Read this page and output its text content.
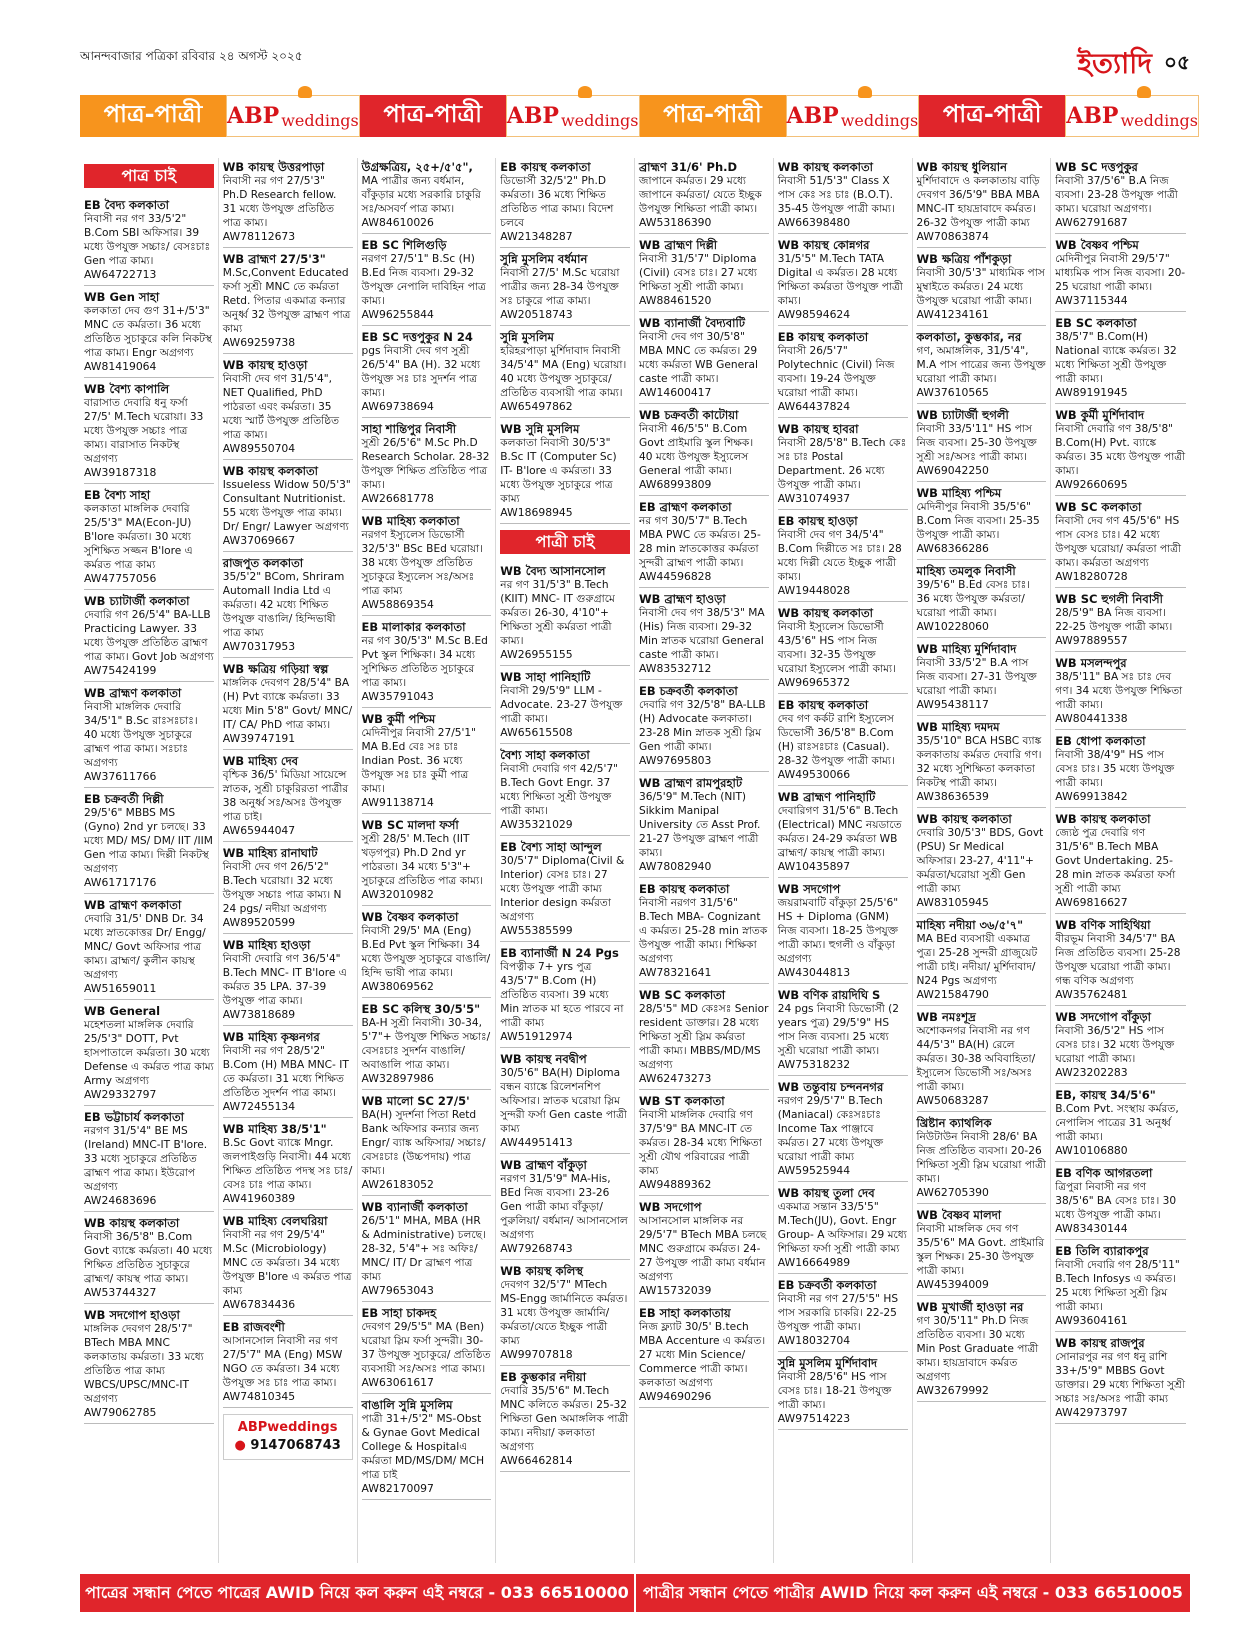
আনন্দবাজার পত্রিকা রবিবার ২৪ অগস্ট ২০২৫	ইত্যাদি ০৫
পাত্র-পাত্রী	ABP weddings	পাত্র-পাত্রী	ABP weddings	পাত্র-পাত্রী	ABP weddings	পাত্র-পাত্রী	ABP weddings
পাত্র চাই
EB বৈদ্য কলকাতা
নিবাসী নর গণ 33/5'2" B.Com SBI অফিসার। 39 মধ্যে উপযুক্ত সচ্চাঃ/ বেসঃচাঃ Gen পাত্র কাম্য।
AW64722713
WB Gen সাহা
কলকাতা দেব গুণ 31+/5'3" MNC তে কর্মরতা। 36 মধ্যে প্রতিষ্ঠিত সুচাকুরে কলি নিকটস্থ পাত্র কাম্য। Engr অগ্রগণ্য
AW81419064
WB বৈশ্য কাপালি
বারাসাত দেবারি ধনু ফর্সা 27/5' M.Tech ঘরোয়া। 33 মধ্যে উপযুক্ত সচ্চাঃ পাত্র কাম্য। বারাসাত নিকটস্থ অগ্রগণ্য
AW39187318
EB বৈশ্য সাহা
কলকাতা মাঙ্গলিক দেবারি 25/5'3" MA(Econ-JU) B'lore কর্মরতা। 30 মধ্যে সুশিক্ষিত সজ্জন B'lore এ কর্মরত পাত্র কাম্য
AW47757056
WB চ্যাটার্জী কলকাতা
দেবারি গণ 26/5'4" BA-LLB Practicing Lawyer. 33 মধ্যে উপযুক্ত প্রতিষ্ঠিত ব্রাহ্মণ পাত্র কাম্য। Govt Job অগ্রগণ্য
AW75424199
WB ব্রাহ্মণ কলকাতা
নিবাসী মাঙ্গলিক দেবারি 34/5'1" B.Sc রাঃসঃচাঃ। 40 মধ্যে উপযুক্ত সুচাকুরে ব্রাহ্মণ পাত্র কাম্য। সঃচাঃ অগ্রগণ্য
AW37611766
EB চক্রবর্তী দিল্লী
29/5'6" MBBS MS (Gyno) 2nd yr চলছে। 33 মধ্যে MD/ MS/ DM/ IIT /IIM Gen পাত্র কাম্য। দিল্লী নিকটস্থ অগ্রগণ্য
AW61717176
WB ব্রাহ্মণ কলকাতা
দেবারি 31/5' DNB Dr. 34 মধ্যে স্নাতকোত্তর Dr/ Engg/ MNC/ Govt অফিসার পাত্র কাম্য। ব্রাহ্মণ/ কুলীন কায়স্থ অগ্রগণ্য
AW51659011
WB General
মহেশতলা মাঙ্গলিক দেবারি 25/5'3" DOTT, Pvt হাসপাতালে কর্মরতা। 30 মধ্যে Defense এ কর্মরত পাত্র কাম্য Army অগ্রগণ্য
AW29332797
EB ভট্টাচার্য কলকাতা
নরগণ 31/5'4" BE MS (Ireland) MNC-IT B'lore. 33 মধ্যে সুচাকুরে প্রতিষ্ঠিত ব্রাহ্মণ পাত্র কাম্য। ইউরোপ অগ্রগণ্য
AW24683696
WB কায়স্থ কলকাতা
নিবাসী 36/5'8" B.Com Govt ব্যাঙ্কে কর্মরতা। 40 মধ্যে শিক্ষিত প্রতিষ্ঠিত সুচাকুরে ব্রাহ্মণ/ কায়স্থ পাত্র কাম্য।
AW53744327
WB সদগোপ হাওড়া
মাঙ্গলিক দেবগণ 28/5'7" BTech MBA MNC কলকাতায় কর্মরতা। 33 মধ্যে প্রতিষ্ঠিত পাত্র কাম্য WBCS/UPSC/MNC-IT অগ্রগণ্য
AW79062785
WB কায়স্থ উত্তরপাড়া
নিবাসী নর গণ 27/5'3" Ph.D Research fellow. 31 মধ্যে উপযুক্ত প্রতিষ্ঠিত পাত্র কাম্য।
AW78112673
WB ব্রাহ্মণ 27/5'3"
M.Sc,Convent Educated ফর্সা সুশ্রী MNC তে কর্মরতা Retd. পিতার একমাত্র কন্যার অনুর্ধ্ব 32 উপযুক্ত ব্রাহ্মণ পাত্র কাম্য
AW69259738
WB কায়স্থ হাওড়া
নিবাসী দেব গণ 31/5'4", NET Qualified, PhD পাঠরতা এবং কর্মরতা। 35 মধ্যে স্মার্ট উপযুক্ত প্রতিষ্ঠিত পাত্র কাম্য।
AW89550704
WB কায়স্থ কলকাতা
Issueless Widow 50/5'3" Consultant Nutritionist. 55 মধ্যে উপযুক্ত পাত্র কাম্য। Dr/ Engr/ Lawyer অগ্রগণ্য
AW37069667
রাজপুত কলকাতা
35/5'2" BCom, Shriram Automall India Ltd এ কর্মরতা। 42 মধ্যে শিক্ষিত উপযুক্ত বাঙালি/ হিন্দিভাষী পাত্র কাম্য
AW70317953
WB ক্ষত্রিয় গড়িয়া স্বল্প
মাঙ্গলিক দেবগণ 28/5'4" BA (H) Pvt ব্যাঙ্কে কর্মরতা। 33 মধ্যে Min 5'8" Govt/ MNC/ IT/ CA/ PhD পাত্র কাম্য।
AW39747191
WB মাহিষ্য দেব
বৃশ্চিক 36/5' মিডিয়া সায়েন্সে স্নাতক, সুশ্রী চাকুরিরতা পাত্রীর 38 অনুর্ধ্ব সঃ/অসঃ উপযুক্ত পাত্র চাই।
AW65944047
WB মাহিষ্য রানাঘাট
নিবাসী দেব গণ 26/5'2" B.Tech ঘরোয়া। 32 মধ্যে উপযুক্ত সচ্চাঃ পাত্র কাম্য। N 24 pgs/ নদীয়া অগ্রগণ্য
AW89520599
WB মাহিষ্য হাওড়া
নিবাসী দেবারি গণ 36/5'4" B.Tech MNC- IT B'lore এ কর্মরত 35 LPA. 37-39 উপযুক্ত পাত্র কাম্য।
AW73818689
WB মাহিষ্য কৃষ্ণনগর
নিবাসী নর গণ 28/5'2" B.Com (H) MBA MNC- IT তে কর্মরতা। 31 মধ্যে শিক্ষিত প্রতিষ্ঠিত সুদর্শন পাত্র কাম্য।
AW72455134
WB মাহিষ্য 38/5'1"
B.Sc Govt ব্যাঙ্কে Mngr. জলপাইগুড়ি নিবাসী। 44 মধ্যে শিক্ষিত প্রতিষ্ঠিত পদস্থ সঃ চাঃ/বেসঃ চাঃ পাত্র কাম্য।
AW41960389
WB মাহিষ্য বেলঘরিয়া
নিবাসী নর গণ 29/5'4" M.Sc (Microbiology) MNC তে কর্মরতা। 34 মধ্যে উপযুক্ত B'lore এ কর্মরত পাত্র কাম্য
AW67834436
EB রাজবংশী
আসানসোল নিবাসী নর গণ 27/5'7" MA (Eng) MSW NGO তে কর্মরতা। 34 মধ্যে উপযুক্ত সঃ চাঃ পাত্র কাম্য।
AW74810345
ABPweddings
● 9147068743
উগ্রক্ষত্রিয়, ২৫+/৫'৫",
MA পাত্রীর জন্য বর্ধমান, বাঁকুড়ার মধ্যে সরকারি চাকুরি সঃ/অসবর্ণ পাত্র কাম্য।
AW84610026
EB SC শিলিগুড়ি
নরগণ 27/5'1" B.Sc (H) B.Ed নিজ ব্যবসা। 29-32 উপযুক্ত নেপালি দাবিহিন পাত্র কাম্য।
AW96255844
EB SC দত্তপুকুর N 24
pgs নিবাসী দেব গণ সুশ্রী 26/5'4" BA (H). 32 মধ্যে উপযুক্ত সঃ চাঃ সুদর্শন পাত্র কাম্য।
AW69738694
সাহা শান্তিপুর নিবাসী
সুশ্রী 26/5'6" M.Sc Ph.D Research Scholar. 28-32 উপযুক্ত শিক্ষিত প্রতিষ্ঠিত পাত্র কাম্য।
AW26681778
WB মাহিষ্য কলকাতা
নরগণ ইস্যুলেস ডিভোর্সী 32/5'3" BSc BEd ঘরোয়া। 38 মধ্যে উপযুক্ত প্রতিষ্ঠিত সুচাকুরে ইস্যুলেস সঃ/অসঃ পাত্র কাম্য
AW58869354
EB মালাকার কলকাতা
নর গণ 30/5'3" M.Sc B.Ed Pvt স্কুল শিক্ষিকা। 34 মধ্যে সুশিক্ষিত প্রতিষ্ঠিত সুচাকুরে পাত্র কাম্য।
AW35791043
WB কুর্মী পশ্চিম
মেদিনীপুর নিবাসী 27/5'1" MA B.Ed বেঃ সঃ চাঃ Indian Post. 36 মধ্যে উপযুক্ত সঃ চাঃ কুর্মী পাত্র কাম্য।
AW91138714
WB SC মালদা ফর্সা
সুশ্রী 28/5' M.Tech (IIT খড়গপুর) Ph.D 2nd yr পাঠরতা। 34 মধ্যে 5'3"+ সুচাকুরে প্রতিষ্ঠিত পাত্র কাম্য।
AW32010982
WB বৈষ্ণব কলকাতা
নিবাসী 29/5' MA (Eng) B.Ed Pvt স্কুল শিক্ষিকা। 34 মধ্যে উপযুক্ত সুচাকুরে বাঙালি/ হিন্দি ভাষী পাত্র কাম্য।
AW38069562
EB SC কলিস্থ 30/5'5"
BA-H সুশ্রী নিবাসী। 30-34, 5'7"+ উপযুক্ত শিক্ষিত সচ্চাঃ/বেসঃচাঃ সুদর্শন বাঙালি/অবাঙালি পাত্র কাম্য।
AW32897986
WB মালো SC 27/5'
BA(H) সুদর্শনা পিতা Retd Bank অফিসার কন্যার জন্য Engr/ ব্যাঙ্ক অফিসার/ সচ্চাঃ/ বেসঃচাঃ (উচ্চপদায়) পাত্র কাম্য।
AW26183052
WB ব্যানার্জী কলকাতা
26/5'1" MHA, MBA (HR & Administrative) চলছে। 28-32, 5'4"+ সঃ অফিঃ/ MNC/ IT/ Dr ব্রাহ্মণ পাত্র কাম্য
AW79653043
EB সাহা চাকদহ
দেবগণ 29/5'5" MA (Ben) ঘরোয়া স্লিম ফর্সা সুন্দরী। 30-37 উপযুক্ত সুচাকুরে/ প্রতিষ্ঠিত ব্যবসায়ী সঃ/অসঃ পাত্র কাম্য।
AW63061617
বাঙালি সুন্নি মুসলিম
পাত্রী 31+/5'2" MS-Obst & Gynae Govt Medical College & Hospitalএ কর্মরতা MD/MS/DM/ MCH পাত্র চাই
AW82170097
EB কায়স্থ কলকাতা
ডিভোর্সী 32/5'2" Ph.D কর্মরতা। 36 মধ্যে শিক্ষিত প্রতিষ্ঠিত পাত্র কাম্য। বিদেশ চলবে
AW21348287
সুন্নি মুসলিম বর্ধমান
নিবাসী 27/5' M.Sc ঘরোয়া পাত্রীর জন্য 28-34 উপযুক্ত সঃ চাকুরে পাত্র কাম্য।
AW20518743
সুন্নি মুসলিম
হরিহরপাড়া মুর্শিদাবাদ নিবাসী 34/5'4" MA (Eng) ঘরোয়া। 40 মধ্যে উপযুক্ত সুচাকুরে/ প্রতিষ্ঠিত ব্যবসায়ী পাত্র কাম্য।
AW65497862
WB সুন্নি মুসলিম
কলকাতা নিবাসী 30/5'3" B.Sc IT (Computer Sc) IT- B'lore এ কর্মরতা। 33 মধ্যে উপযুক্ত সুচাকুরে পাত্র কাম্য
AW18698945
পাত্রী চাই
WB বৈদ্য আসানসোল
নর গণ 31/5'3" B.Tech (KIIT) MNC- IT গুরুগ্রামে কর্মরত। 26-30, 4'10"+ শিক্ষিতা সুশ্রী কর্মরতা পাত্রী কাম্য।
AW26955155
WB সাহা পানিহাটি
নিবাসী 29/5'9" LLM - Advocate. 23-27 উপযুক্ত পাত্রী কাম্য।
AW65615508
বৈশ্য সাহা কলকাতা
নিবাসী দেবারি গণ 42/5'7" B.Tech Govt Engr. 37 মধ্যে শিক্ষিতা সুশ্রী উপযুক্ত পাত্রী কাম্য।
AW35321029
EB বৈশ্য সাহা আন্দুল
30/5'7" Diploma(Civil & Interior) বেসঃ চাঃ। 27 মধ্যে উপযুক্ত পাত্রী কাম্য Interior design কর্মরতা অগ্রগণ্য
AW55385599
EB ব্যানার্জী N 24 Pgs
বিপত্নীক 7+ yrs পুত্র 43/5'7" B.Com (H) প্রতিষ্ঠিত ব্যবসা। 39 মধ্যে Min স্নাতক মা হতে পারবে না পাত্রী কাম্য
AW51912974
WB কায়স্থ নবদ্বীপ
30/5'6" BA(H) Diploma বন্ধন ব্যাঙ্কে রিলেশনশিপ অফিসার। স্নাতক ঘরোয়া স্লিম সুন্দরী ফর্সা Gen caste পাত্রী কাম্য
AW44951413
WB ব্রাহ্মণ বাঁকুড়া
নরগণ 31/5'9" MA-His, BEd নিজ ব্যবসা। 23-26 Gen পাত্রী কাম্য বাঁকুড়া/ পুরুলিয়া/ বর্ধমান/ আসানসোল অগ্রগণ্য
AW79268743
WB কায়স্থ কলিস্থ
দেবগণ 32/5'7" MTech MS-Engg জার্মানিতে কর্মরত। 31 মধ্যে উপযুক্ত জার্মানি/কর্মরতা/যেতে ইচ্ছুক পাত্রী কাম্য
AW99707818
EB কুম্ভকার নদীয়া
দেবারি 35/5'6" M.Tech MNC কলিতে কর্মরত। 25-32 শিক্ষিতা Gen অমাঙ্গলিক পাত্রী কাম্য। নদীয়া/ কলকাতা অগ্রগণ্য
AW66462814
ব্রাহ্মণ 31/6' Ph.D
জাপানে কর্মরত। 29 মধ্যে জাপানে কর্মরতা/ যেতে ইচ্ছুক উপযুক্ত শিক্ষিতা পাত্রী কাম্য।
AW53186390
WB ব্রাহ্মণ দিল্লী
নিবাসী 31/5'7" Diploma (Civil) বেসঃ চাঃ। 27 মধ্যে শিক্ষিতা সুশ্রী পাত্রী কাম্য।
AW88461520
WB ব্যানার্জী বৈদ্যবাটি
নিবাসী দেব গণ 30/5'8" MBA MNC তে কর্মরত। 29 মধ্যে কর্মরতা WB General caste পাত্রী কাম্য।
AW14600417
WB চক্রবর্তী কাটোয়া
নিবাসী 46/5'5" B.Com Govt প্রাইমারি স্কুল শিক্ষক। 40 মধ্যে উপযুক্ত ইস্যুলেস General পাত্রী কাম্য।
AW68993809
EB ব্রাহ্মণ কলকাতা
নর গণ 30/5'7" B.Tech MBA PWC তে কর্মরত। 25-28 min স্নাতকোত্তর কর্মরতা সুন্দরী ব্রাহ্মণ পাত্রী কাম্য।
AW44596828
WB ব্রাহ্মণ হাওড়া
নিবাসী দেব গণ 38/5'3" MA (His) নিজ ব্যবসা। 29-32 Min স্নাতক ঘরোয়া General caste পাত্রী কাম্য।
AW83532712
EB চক্রবর্তী কলকাতা
দেবারি গণ 32/5'8" BA-LLB (H) Advocate কলকাতা। 23-28 Min স্নাতক সুশ্রী স্লিম Gen পাত্রী কাম্য।
AW97695803
WB ব্রাহ্মণ রামপুরহাট
36/5'9" M.Tech (NIT) Sikkim Manipal University তে Asst Prof. 21-27 উপযুক্ত ব্রাহ্মণ পাত্রী কাম্য।
AW78082940
EB কায়স্থ কলকাতা
নিবাসী নরগণ 31/5'6" B.Tech MBA- Cognizant এ কর্মরত। 25-28 min স্নাতক উপযুক্ত পাত্রী কাম্য। শিক্ষিকা অগ্রগণ্য
AW78321641
WB SC কলকাতা
28/5'5" MD কেঃসঃ Senior resident ডাক্তার। 28 মধ্যে শিক্ষিতা সুশ্রী স্লিম কর্মরতা পাত্রী কাম্য। MBBS/MD/MS অগ্রগণ্য
AW62473273
WB ST কলকাতা
নিবাসী মাঙ্গলিক দেবারি গণ 37/5'9" BA MNC-IT তে কর্মরত। 28-34 মধ্যে শিক্ষিতা সুশ্রী যৌথ পরিবারের পাত্রী কাম্য
AW94889362
WB সদগোপ
আসানসোল মাঙ্গলিক নর 29/5'7" BTech MBA চলছে MNC গুরুগ্রামে কর্মরত। 24-27 উপযুক্ত পাত্রী কাম্য বর্ধমান অগ্রগণ্য
AW15732039
EB সাহা কলকাতায়
নিজ ফ্ল্যাট 30/5' B.tech MBA Accenture এ কর্মরত। 27 মধ্যে Min Science/ Commerce পাত্রী কাম্য। কলকাতা অগ্রগণ্য
AW94690296
WB কায়স্থ কলকাতা
নিবাসী 51/5'3" Class X পাস কেঃ সঃ চাঃ (B.O.T). 35-45 উপযুক্ত পাত্রী কাম্য।
AW66398480
WB কায়স্থ কোন্নগর
31/5'5" M.Tech TATA Digital এ কর্মরত। 28 মধ্যে শিক্ষিতা কর্মরতা উপযুক্ত পাত্রী কাম্য।
AW98594624
EB কায়স্থ কলকাতা
নিবাসী 26/5'7" Polytechnic (Civil) নিজ ব্যবসা। 19-24 উপযুক্ত ঘরোয়া পাত্রী কাম্য।
AW64437824
WB কায়স্থ হাবরা
নিবাসী 28/5'8" B.Tech কেঃ সঃ চাঃ Postal Department. 26 মধ্যে উপযুক্ত পাত্রী কাম্য।
AW31074937
EB কায়স্থ হাওড়া
নিবাসী দেব গণ 34/5'4" B.Com দিল্লীতে সঃ চাঃ। 28 মধ্যে দিল্লী যেতে ইচ্ছুক পাত্রী কাম্য।
AW19448028
WB কায়স্থ কলকাতা
নিবাসী ইস্যুলেস ডিভোর্সী 43/5'6" HS পাস নিজ ব্যবসা। 32-35 উপযুক্ত ঘরোয়া ইস্যুলেস পাত্রী কাম্য।
AW96965372
EB কায়স্থ কলকাতা
দেব গণ কর্কট রাশি ইস্যুলেস ডিভোর্সী 36/5'8" B.Com (H) রাঃসঃচাঃ (Casual). 28-32 উপযুক্ত পাত্রী কাম্য।
AW49530066
WB ব্রাহ্মণ পানিহাটি
দেবারিগণ 31/5'6" B.Tech (Electrical) MNC নয়ডাতে কর্মরত। 24-29 কর্মরতা WB ব্রাহ্মণ/ কায়স্থ পাত্রী কাম্য।
AW10435897
WB সদগোপ
জয়রামবাটি বাঁকুড়া 25/5'6" HS + Diploma (GNM) নিজ ব্যবসা। 18-25 উপযুক্ত পাত্রী কাম্য। হুগলী ও বাঁকুড়া অগ্রগণ্য
AW43044813
WB বণিক রায়দিঘি S
24 pgs নিবাসী ডিভোর্সী (2 years পুত্র) 29/5'9" HS পাস নিজ ব্যবসা। 25 মধ্যে সুশ্রী ঘরোয়া পাত্রী কাম্য।
AW75318232
WB তন্তুবায় চন্দননগর
নরগণ 29/5'7" B.Tech (Maniacal) কেঃসঃচাঃ Income Tax পাঞ্জাবে কর্মরত। 27 মধ্যে উপযুক্ত ঘরোয়া পাত্রী কাম্য
AW59525944
WB কায়স্থ তুলা দেব
একমাত্র সন্তান 33/5'5" M.Tech(JU), Govt. Engr Group- A অফিসার। 29 মধ্যে শিক্ষিতা ফর্সা সুশ্রী পাত্রী কাম্য
AW16664989
EB চক্রবর্তী কলকাতা
নিবাসী নর গণ 27/5'5" HS পাস সরকারি চাকরি। 22-25 উপযুক্ত পাত্রী কাম্য।
AW18032704
সুন্নি মুসলিম মুর্শিদাবাদ
নিবাসী 28/5'6" HS পাস বেসঃ চাঃ। 18-21 উপযুক্ত পাত্রী কাম্য।
AW97514223
WB কায়স্থ ধুলিয়ান
মুর্শিদাবাদে ও কলকাতায় বাড়ি দেবগণ 36/5'9" BBA MBA MNC-IT হায়দ্রাবাদে কর্মরত। 26-32 উপযুক্ত পাত্রী কাম্য
AW70863874
WB ক্ষত্রিয় পাঁশকুড়া
নিবাসী 30/5'3" মাধ্যমিক পাস মুম্বাইতে কর্মরত। 24 মধ্যে উপযুক্ত ঘরোয়া পাত্রী কাম্য।
AW41234161
কলকাতা, কুম্ভকার, নর
গণ, অমাঙ্গলিক, 31/5'4", M.A পাস পাত্রের জন্য উপযুক্ত ঘরোয়া পাত্রী কাম্য।
AW37610565
WB চ্যাটার্জী হুগলী
নিবাসী 33/5'11" HS পাস নিজ ব্যবসা। 25-30 উপযুক্ত সুশ্রী সঃ/অসঃ পাত্রী কাম্য।
AW69042250
WB মাহিষ্য পশ্চিম
মেদিনীপুর নিবাসী 35/5'6" B.Com নিজ ব্যবসা। 25-35 উপযুক্ত পাত্রী কাম্য।
AW68366286
মাহিষ্য তমলুক নিবাসী
39/5'6" B.Ed বেসঃ চাঃ। 36 মধ্যে উপযুক্ত কর্মরতা/ ঘরোয়া পাত্রী কাম্য।
AW10228060
WB মাহিষ্য মুর্শিদাবাদ
নিবাসী 33/5'2" B.A পাস নিজ ব্যবসা। 27-31 উপযুক্ত ঘরোয়া পাত্রী কাম্য।
AW95438117
WB মাহিষ্য দমদম
35/5'10" BCA HSBC ব্যাঙ্ক কলকাতায় কর্মরত দেবারি গণ। 32 মধ্যে সুশিক্ষিতা কলকাতা নিকটস্থ পাত্রী কাম্য।
AW38636539
WB কায়স্থ কলকাতা
দেবারি 30/5'3" BDS, Govt (PSU) Sr Medical অফিসার। 23-27, 4'11"+ কর্মরতা/ঘরোয়া সুশ্রী Gen পাত্রী কাম্য
AW83105945
মাহিষ্য নদীয়া ৩৬/৫'৭"
MA BEd ব্যবসায়ী একমাত্র পুত্র। 25-28 সুন্দরী গ্রাজুয়েট পাত্রী চাই। নদীয়া/ মুর্শিদাবাদ/ N24 Pgs অগ্রগণ্য
AW21584790
WB নমঃশূদ্র
অশোকনগর নিবাসী নর গণ 44/5'3" BA(H) রেলে কর্মরত। 30-38 অবিবাহিতা/ ইস্যুলেস ডিভোর্সী সঃ/অসঃ পাত্রী কাম্য।
AW50683287
খ্রিষ্টান ক্যাথলিক
নিউটাউন নিবাসী 28/6' BA নিজ প্রতিষ্ঠিত ব্যবসা। 20-26 শিক্ষিতা সুশ্রী স্লিম ঘরোয়া পাত্রী কাম্য।
AW62705390
WB বৈষ্ণব মালদা
নিবাসী মাঙ্গলিক দেব গণ 35/5'6" MA Govt. প্রাইমারি স্কুল শিক্ষক। 25-30 উপযুক্ত পাত্রী কাম্য।
AW45394009
WB মুখার্জী হাওড়া নর
গণ 30/5'11" Ph.D নিজ প্রতিষ্ঠিত ব্যবসা। 30 মধ্যে Min Post Graduate পাত্রী কাম্য। হায়দ্রাবাদে কর্মরত অগ্রগণ্য
AW32679992
WB SC দত্তপুকুর
নিবাসী 37/5'6" B.A নিজ ব্যবসা। 23-28 উপযুক্ত পাত্রী কাম্য। ঘরোয়া অগ্রগণ্য।
AW62791687
WB বৈষ্ণব পশ্চিম
মেদিনীপুর নিবাসী 29/5'7" মাধ্যমিক পাস নিজ ব্যবসা। 20-25 ঘরোয়া পাত্রী কাম্য।
AW37115344
EB SC কলকাতা
38/5'7" B.Com(H) National ব্যাঙ্কে কর্মরত। 32 মধ্যে শিক্ষিতা সুশ্রী উপযুক্ত পাত্রী কাম্য।
AW89191945
WB কুর্মী মুর্শিদাবাদ
নিবাসী দেবারি গণ 38/5'8" B.Com(H) Pvt. ব্যাঙ্কে কর্মরত। 35 মধ্যে উপযুক্ত পাত্রী কাম্য।
AW92660695
WB SC কলকাতা
নিবাসী দেব গণ 45/5'6" HS পাস বেসঃ চাঃ। 42 মধ্যে উপযুক্ত ঘরোয়া/ কর্মরতা পাত্রী কাম্য। কর্মরতা অগ্রগণ্য
AW18280728
WB SC হুগলী নিবাসী
28/5'9" BA নিজ ব্যবসা। 22-25 উপযুক্ত পাত্রী কাম্য।
AW97889557
WB মসলন্দপুর
38/5'11" BA সঃ চাঃ দেব গণ। 34 মধ্যে উপযুক্ত শিক্ষিতা পাত্রী কাম্য।
AW80441338
EB ধোপা কলকাতা
নিবাসী 38/4'9" HS পাস বেসঃ চাঃ। 35 মধ্যে উপযুক্ত পাত্রী কাম্য।
AW69913842
WB কায়স্থ কলকাতা
জ্যেষ্ঠ পুত্র দেবারি গণ 31/5'6" B.Tech MBA Govt Undertaking. 25-28 min স্নাতক কর্মরতা ফর্সা সুশ্রী পাত্রী কাম্য
AW69816627
WB বণিক সাহিথিয়া
বীরভূম নিবাসী 34/5'7" BA নিজ প্রতিষ্ঠিত ব্যবসা। 25-28 উপযুক্ত ঘরোয়া পাত্রী কাম্য। গন্ধ বণিক অগ্রগণ্য
AW35762481
WB সদগোপ বাঁকুড়া
নিবাসী 36/5'2" HS পাস বেসঃ চাঃ। 32 মধ্যে উপযুক্ত ঘরোয়া পাত্রী কাম্য।
AW23202283
EB, কায়স্থ 34/5'6"
B.Com Pvt. সংস্থায় কর্মরত, নেপালিস পাত্রের 31 অনুর্ধ্ব পাত্রী কাম্য।
AW10106880
EB বণিক আগরতলা
ত্রিপুরা নিবাসী নর গণ 38/5'6" BA বেসঃ চাঃ। 30 মধ্যে উপযুক্ত পাত্রী কাম্য।
AW83430144
EB তিলি ব্যারাকপুর
নিবাসী দেবারি গণ 28/5'11" B.Tech Infosys এ কর্মরত। 25 মধ্যে শিক্ষিতা সুশ্রী স্লিম পাত্রী কাম্য।
AW93604161
WB কায়স্থ রাজপুর
সোনারপুর নর গণ ধনু রাশি 33+/5'9" MBBS Govt ডাক্তার। 29 মধ্যে শিক্ষিতা সুশ্রী সচ্চাঃ সঃ/অসঃ পাত্রী কাম্য
AW42973797
পাত্রের সন্ধান পেতে পাত্রের AWID নিয়ে কল করুন এই নম্বরে - 033 66510000 পাত্রীর সন্ধান পেতে পাত্রীর AWID নিয়ে কল করুন এই নম্বরে - 033 66510005
